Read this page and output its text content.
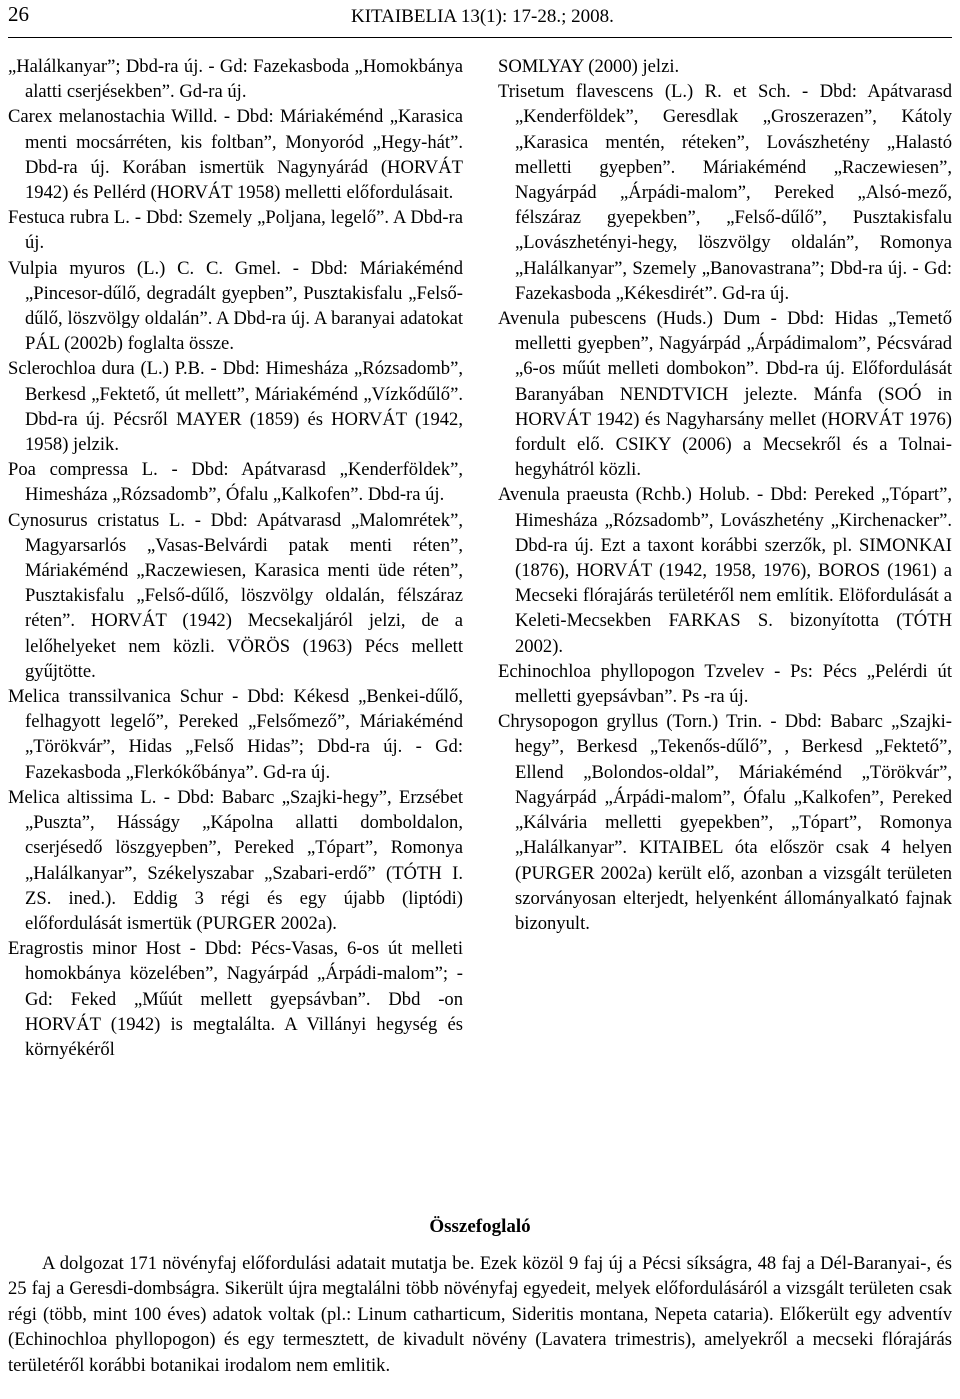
26	KITAIBELIA 13(1): 17-28.; 2008.

„Halálkanyar”; Dbd-ra új. - Gd: Fazekasboda „Homokbánya alatti cserjésekben”. Gd-ra új.

Carex melanostachia Willd. - Dbd: Máriakéménd „Karasica menti mocsárréten, kis foltban”, Monyoród „Hegy-hát”. Dbd-ra új. Korában ismertük Nagynyárád (HORVÁT 1942) és Pellérd (HORVÁT 1958) melletti előfordulásait.

Festuca rubra L. - Dbd: Szemely „Poljana, legelő”. A Dbd-ra új.

Vulpia myuros (L.) C. C. Gmel. - Dbd: Máriakéménd „Pincesor-dűlő, degradált gyepben”, Pusztakisfalu „Felső-dűlő, löszvölgy oldalán”. A Dbd-ra új. A baranyai adatokat PÁL (2002b) foglalta össze.

Sclerochloa dura (L.) P.B. - Dbd: Himesháza „Rózsadomb”, Berkesd „Fektető, út mellett”, Máriakéménd „Vízkődűlő”. Dbd-ra új. Pécsről MAYER (1859) és HORVÁT (1942, 1958) jelzik.

Poa compressa L. - Dbd: Apátvarasd „Kenderföldek”, Himesháza „Rózsadomb”, Ófalu „Kalkofen”. Dbd-ra új.

Cynosurus cristatus L. - Dbd: Apátvarasd „Malomrétek”, Magyarsarlós „Vasas-Belvárdi patak menti réten”, Máriakéménd „Raczewiesen, Karasica menti üde réten”, Pusztakisfalu „Felső-dűlő, löszvölgy oldalán, félszáraz réten”. HORVÁT (1942) Mecsekaljáról jelzi, de a lelőhelyeket nem közli. VÖRÖS (1963) Pécs mellett gyűjtötte.

Melica transsilvanica Schur - Dbd: Kékesd „Benkei-dűlő, felhagyott legelő”, Pereked „Felsőmező”, Máriakéménd „Törökvár”, Hidas „Felső Hidas”; Dbd-ra új. - Gd: Fazekasboda „Flerkókőbánya”. Gd-ra új.

Melica altissima L. - Dbd: Babarc „Szajki-hegy”, Erzsébet „Puszta”, Hásságy „Kápolna allatti domboldalon, cserjésedő löszgyepben”, Pereked „Tópart”, Romonya „Halálkanyar”, Székelyszabar „Szabari-erdő” (TÓTH I. ZS. ined.). Eddig 3 régi és egy újabb (liptódi) előfordulását ismertük (PURGER 2002a).

Eragrostis minor Host - Dbd: Pécs-Vasas, 6-os út melleti homokbánya közelében”, Nagyárpád „Árpádi-malom”; - Gd: Feked „Műút mellett gyepsávban”. Dbd -on HORVÁT (1942) is megtalálta. A Villányi hegység és környékéről

SOMLYAY (2000) jelzi.

Trisetum flavescens (L.) R. et Sch. - Dbd: Apátvarasd „Kenderföldek”, Geresdlak „Groszerazen”, Kátoly „Karasica mentén, réteken”, Lovászhetény „Halastó melletti gyepben”. Máriakéménd „Raczewiesen”, Nagyárpád „Árpádi-malom”, Pereked „Alsó-mező, félszáraz gyepekben”, „Felső-dűlő”, Pusztakisfalu „Lovászhetényi-hegy, löszvölgy oldalán”, Romonya „Halálkanyar”, Szemely „Banovastrana”; Dbd-ra új. - Gd: Fazekasboda „Kékesdirét”. Gd-ra új.

Avenula pubescens (Huds.) Dum - Dbd: Hidas „Temető melletti gyepben”, Nagyárpád „Árpádimalom”, Pécsvárad „6-os műút melleti dombokon”. Dbd-ra új. Előfordulását Baranyában NENDTVICH jelezte. Mánfa (SOÓ in HORVÁT 1942) és Nagyharsány mellet (HORVÁT 1976) fordult elő. CSIKY (2006) a Mecsekről és a Tolnai-hegyhátról közli.

Avenula praeusta (Rchb.) Holub. - Dbd: Pereked „Tópart”, Himesháza „Rózsadomb”, Lovászhetény „Kirchenacker”. Dbd-ra új. Ezt a taxont korábbi szerzők, pl. SIMONKAI (1876), HORVÁT (1942, 1958, 1976), BOROS (1961) a Mecseki flórajárás területéről nem említik. Elöfordulását a Keleti-Mecsekben FARKAS S. bizonyította (TÓTH 2002).

Echinochloa phyllopogon Tzvelev - Ps: Pécs „Pelérdi út melletti gyepsávban”. Ps -ra új.

Chrysopogon gryllus (Torn.) Trin. - Dbd: Babarc „Szajki-hegy”, Berkesd „Tekenős-dűlő”, , Berkesd „Fektető”, Ellend „Bolondos-oldal”, Máriakéménd „Törökvár”, Nagyárpád „Árpádi-malom”, Ófalu „Kalkofen”, Pereked „Kálvária melletti gyepekben”, „Tópart”, Romonya „Halálkanyar”. KITAIBEL óta először csak 4 helyen (PURGER 2002a) került elő, azonban a vizsgált területen szorványosan elterjedt, helyenként állományalkató fajnak bizonyult.

Összefoglaló

A dolgozat 171 növényfaj előfordulási adatait mutatja be. Ezek közöl 9 faj új a Pécsi síkságra, 48 faj a Dél-Baranyai-, és 25 faj a Geresdi-dombságra. Sikerült újra megtalálni több növényfaj egyedeit, melyek előfordulásáról a vizsgált területen csak régi (több, mint 100 éves) adatok voltak (pl.: Linum catharticum, Sideritis montana, Nepeta cataria). Előkerült egy adventív (Echinochloa phyllopogon) és egy termesztett, de kivadult növény (Lavatera trimestris), amelyekről a mecseki flórajárás területéről korábbi botanikai irodalom nem emlitik.
